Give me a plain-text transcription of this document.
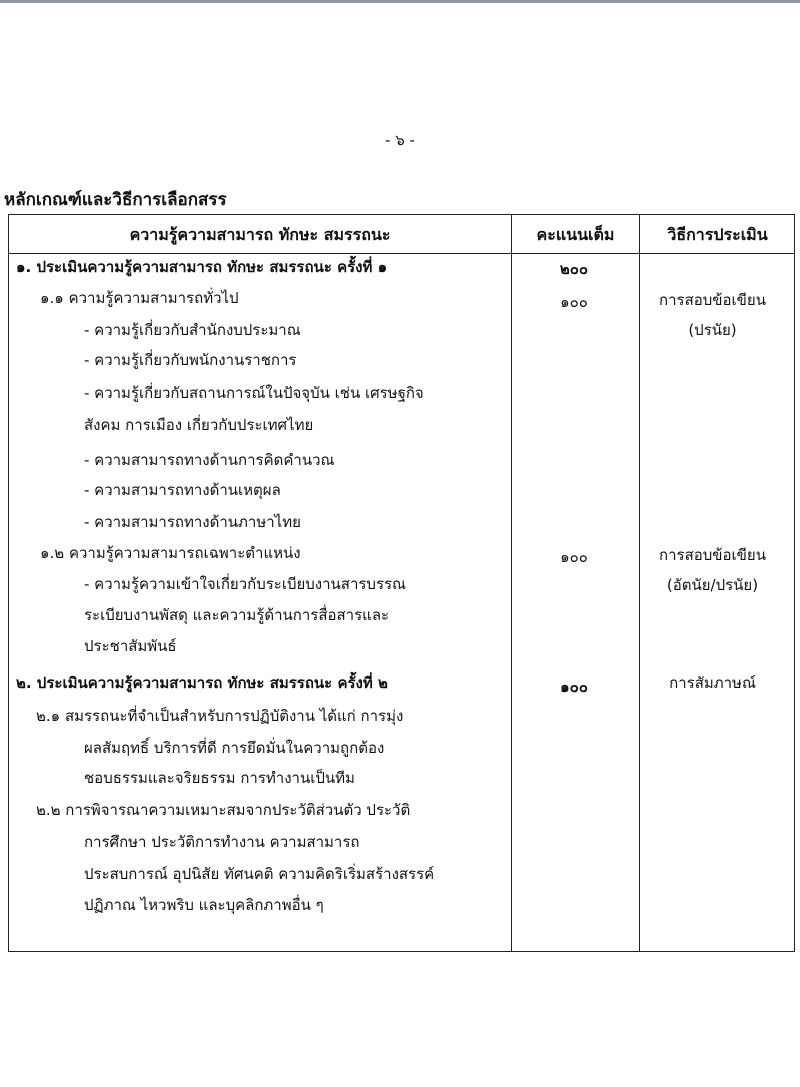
- ๖ -
หลักเกณฑ์และวิธีการเลือกสรร
ความรู้ความสามารถ ทักษะ สมรรถนะ	คะแนนเต็ม	วิธีการประเมิน
๑. ประเมินความรู้ความสามารถ ทักษะ สมรรถนะ ครั้งที่ ๑	๒๐๐
๑.๑ ความรู้ความสามารถทั่วไป	๑๐๐	การสอบข้อเขียน
(ปรนัย)
- ความรู้เกี่ยวกับสำนักงบประมาณ
- ความรู้เกี่ยวกับพนักงานราชการ
- ความรู้เกี่ยวกับสถานการณ์ในปัจจุบัน เช่น เศรษฐกิจ
สังคม การเมือง เกี่ยวกับประเทศไทย
- ความสามารถทางด้านการคิดคำนวณ
- ความสามารถทางด้านเหตุผล
- ความสามารถทางด้านภาษาไทย
๑.๒ ความรู้ความสามารถเฉพาะตำแหน่ง	๑๐๐	การสอบข้อเขียน
(อัตนัย/ปรนัย)
- ความรู้ความเข้าใจเกี่ยวกับระเบียบงานสารบรรณ
ระเบียบงานพัสดุ และความรู้ด้านการสื่อสารและ
ประชาสัมพันธ์
๒. ประเมินความรู้ความสามารถ ทักษะ สมรรถนะ ครั้งที่ ๒	๑๐๐	การสัมภาษณ์
๒.๑ สมรรถนะที่จำเป็นสำหรับการปฏิบัติงาน ได้แก่ การมุ่ง
ผลสัมฤทธิ์ บริการที่ดี การยึดมั่นในความถูกต้อง
ชอบธรรมและจริยธรรม การทำงานเป็นทีม
๒.๒ การพิจารณาความเหมาะสมจากประวัติส่วนตัว ประวัติ
การศึกษา ประวัติการทำงาน ความสามารถ
ประสบการณ์ อุปนิสัย ทัศนคติ ความคิดริเริ่มสร้างสรรค์
ปฏิภาณ ไหวพริบ และบุคลิกภาพอื่น ๆ
